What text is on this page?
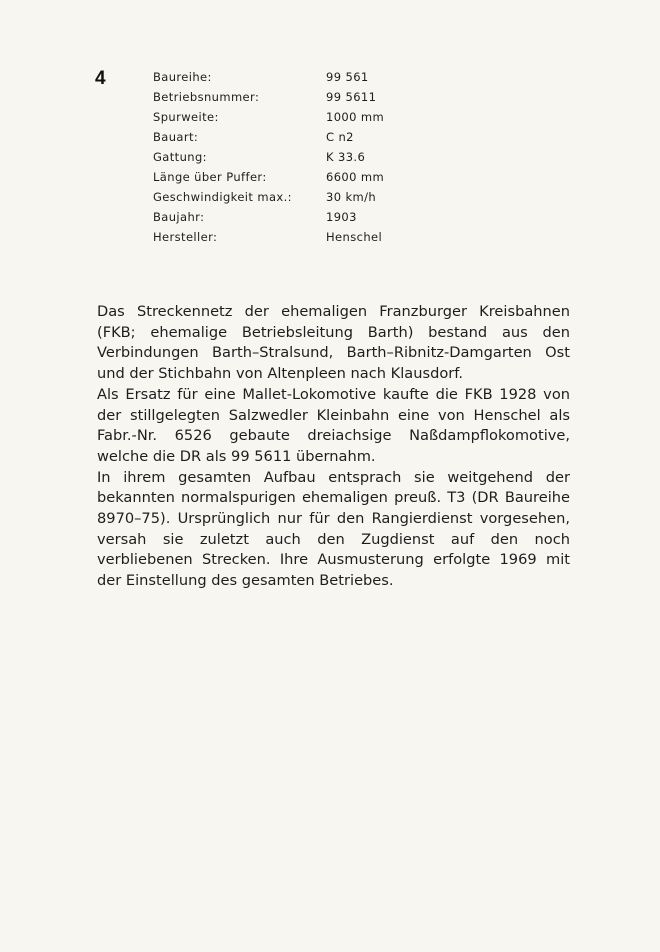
4	Baureihe:	99 561
Betriebsnummer:	99 5611
Spurweite:	1000 mm
Bauart:	C n2
Gattung:	K 33.6
Länge über Puffer:	6600 mm
Geschwindigkeit max.:	30 km/h
Baujahr:	1903
Hersteller:	Henschel

Das Streckennetz der ehemaligen Franzburger Kreisbahnen (FKB; ehemalige Betriebsleitung Barth) bestand aus den Verbindungen Barth–Stralsund, Barth–Ribnitz-Damgarten Ost und der Stichbahn von Altenpleen nach Klausdorf.

Als Ersatz für eine Mallet-Lokomotive kaufte die FKB 1928 von der stillgelegten Salzwedler Kleinbahn eine von Henschel als Fabr.-Nr. 6526 gebaute dreiachsige Naßdampflokomotive, welche die DR als 99 5611 übernahm.

In ihrem gesamten Aufbau entsprach sie weitgehend der bekannten normalspurigen ehemaligen preuß. T3 (DR Baureihe 8970–75). Ursprünglich nur für den Rangierdienst vorgesehen, versah sie zuletzt auch den Zugdienst auf den noch verbliebenen Strecken. Ihre Ausmusterung erfolgte 1969 mit der Einstellung des gesamten Betriebes.
